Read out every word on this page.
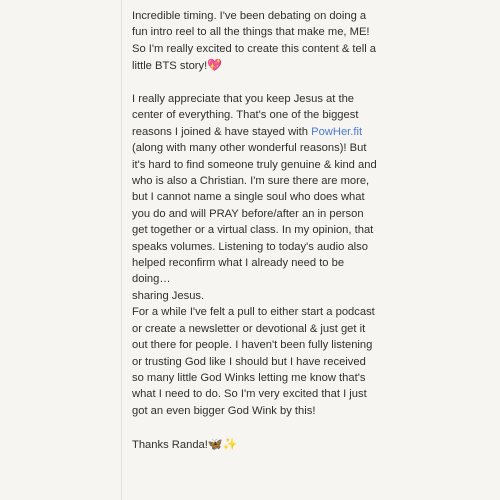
Incredible timing. I've been debating on doing a fun intro reel to all the things that make me, ME! So I'm really excited to create this content & tell a little BTS story!💖

I really appreciate that you keep Jesus at the center of everything. That's one of the biggest reasons I joined & have stayed with PowHer.fit (along with many other wonderful reasons)! But it's hard to find someone truly genuine & kind and who is also a Christian. I'm sure there are more, but I cannot name a single soul who does what you do and will PRAY before/after an in person get together or a virtual class. In my opinion, that speaks volumes. Listening to today's audio also helped reconfirm what I already need to be doing…
sharing Jesus.
For a while I've felt a pull to either start a podcast or create a newsletter or devotional & just get it out there for people. I haven't been fully listening or trusting God like I should but I have received so many little God Winks letting me know that's what I need to do. So I'm very excited that I just got an even bigger God Wink by this!

Thanks Randa!🦋✨
